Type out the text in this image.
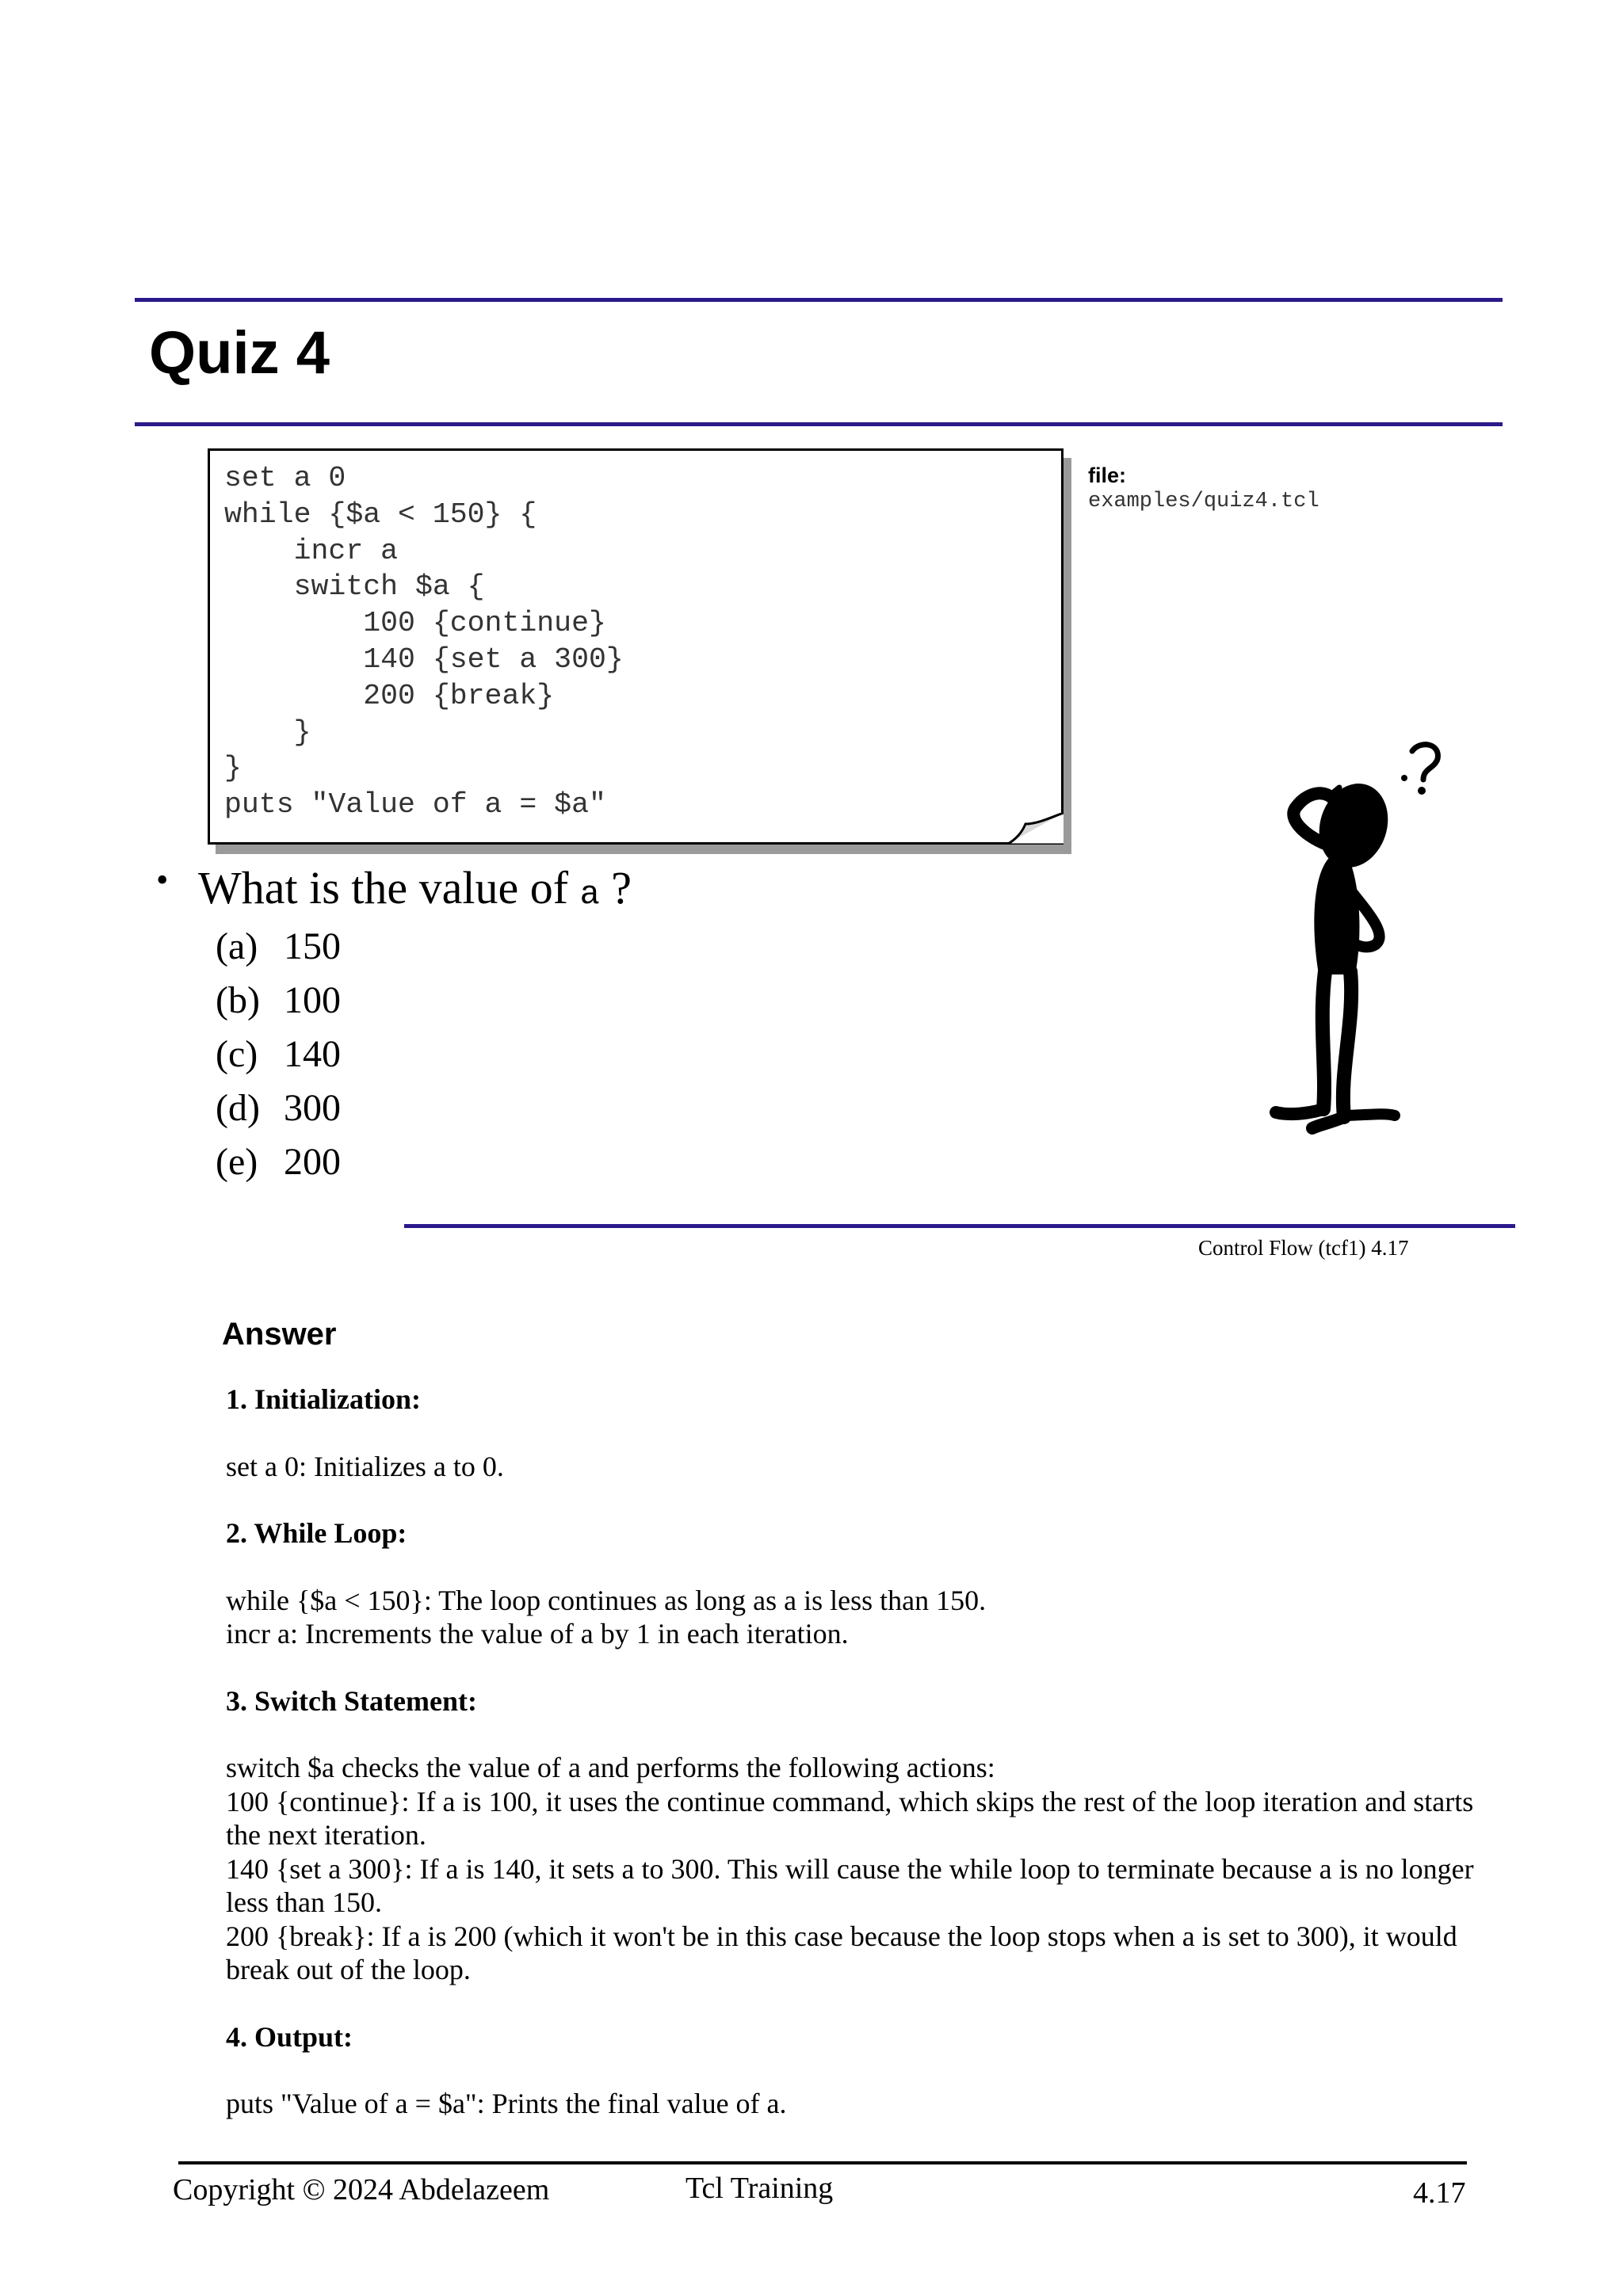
Quiz 4
set a 0
while {$a < 150} {
incr a
switch $a {
100 {continue}
140 {set a 300}
200 {break}
}
}
puts "Value of a = $a"
file:
examples/quiz4.tcl
• What is the value of a ?
(a) 150
(b) 100
(c) 140
(d) 300
(e) 200
Control Flow (tcf1) 4.17
Answer
1. Initialization:
set a 0: Initializes a to 0.
2. While Loop:
while {$a < 150}: The loop continues as long as a is less than 150.
incr a: Increments the value of a by 1 in each iteration.
3. Switch Statement:
switch $a checks the value of a and performs the following actions:
100 {continue}: If a is 100, it uses the continue command, which skips the rest of the loop iteration and starts the next iteration.
140 {set a 300}: If a is 140, it sets a to 300. This will cause the while loop to terminate because a is no longer less than 150.
200 {break}: If a is 200 (which it won't be in this case because the loop stops when a is set to 300), it would break out of the loop.
4. Output:
puts "Value of a = $a": Prints the final value of a.
Copyright © 2024 Abdelazeem	Tcl Training	4.17
